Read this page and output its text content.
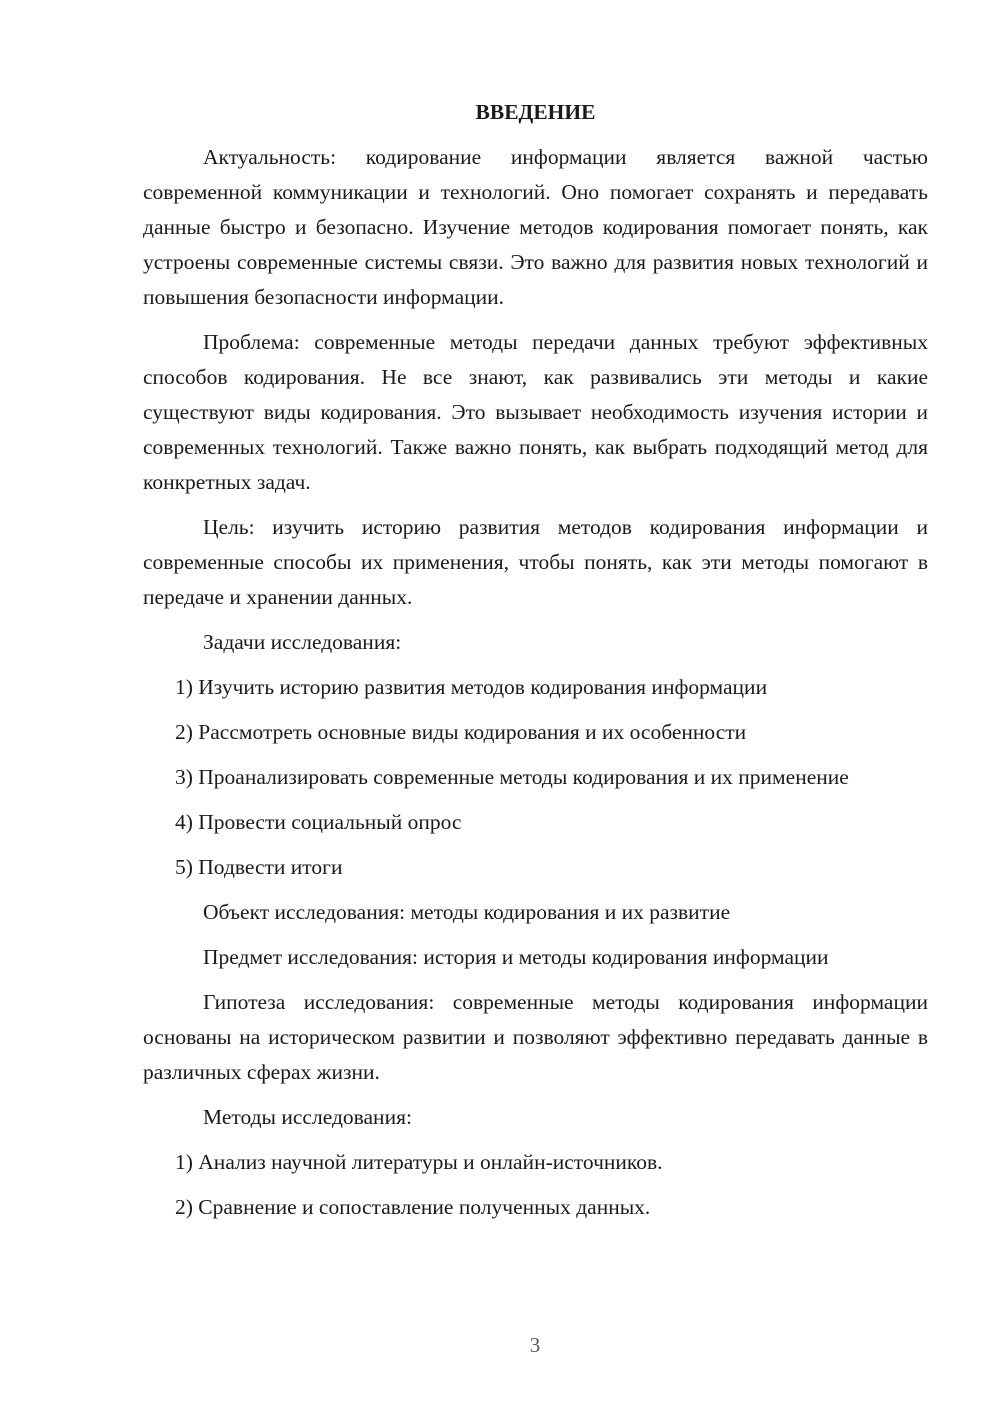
ВВЕДЕНИЕ

Актуальность: кодирование информации является важной частью современной коммуникации и технологий. Оно помогает сохранять и передавать данные быстро и безопасно. Изучение методов кодирования помогает понять, как устроены современные системы связи. Это важно для развития новых технологий и повышения безопасности информации.

Проблема: современные методы передачи данных требуют эффективных способов кодирования. Не все знают, как развивались эти методы и какие существуют виды кодирования. Это вызывает необходимость изучения истории и современных технологий. Также важно понять, как выбрать подходящий метод для конкретных задач.

Цель: изучить историю развития методов кодирования информации и современные способы их применения, чтобы понять, как эти методы помогают в передаче и хранении данных.

Задачи исследования:

1) Изучить историю развития методов кодирования информации

2) Рассмотреть основные виды кодирования и их особенности

3) Проанализировать современные методы кодирования и их применение

4) Провести социальный опрос

5) Подвести итоги

Объект исследования: методы кодирования и их развитие

Предмет исследования: история и методы кодирования информации

Гипотеза исследования: современные методы кодирования информации основаны на историческом развитии и позволяют эффективно передавать данные в различных сферах жизни.

Методы исследования:

1) Анализ научной литературы и онлайн-источников.

2) Сравнение и сопоставление полученных данных.

3
